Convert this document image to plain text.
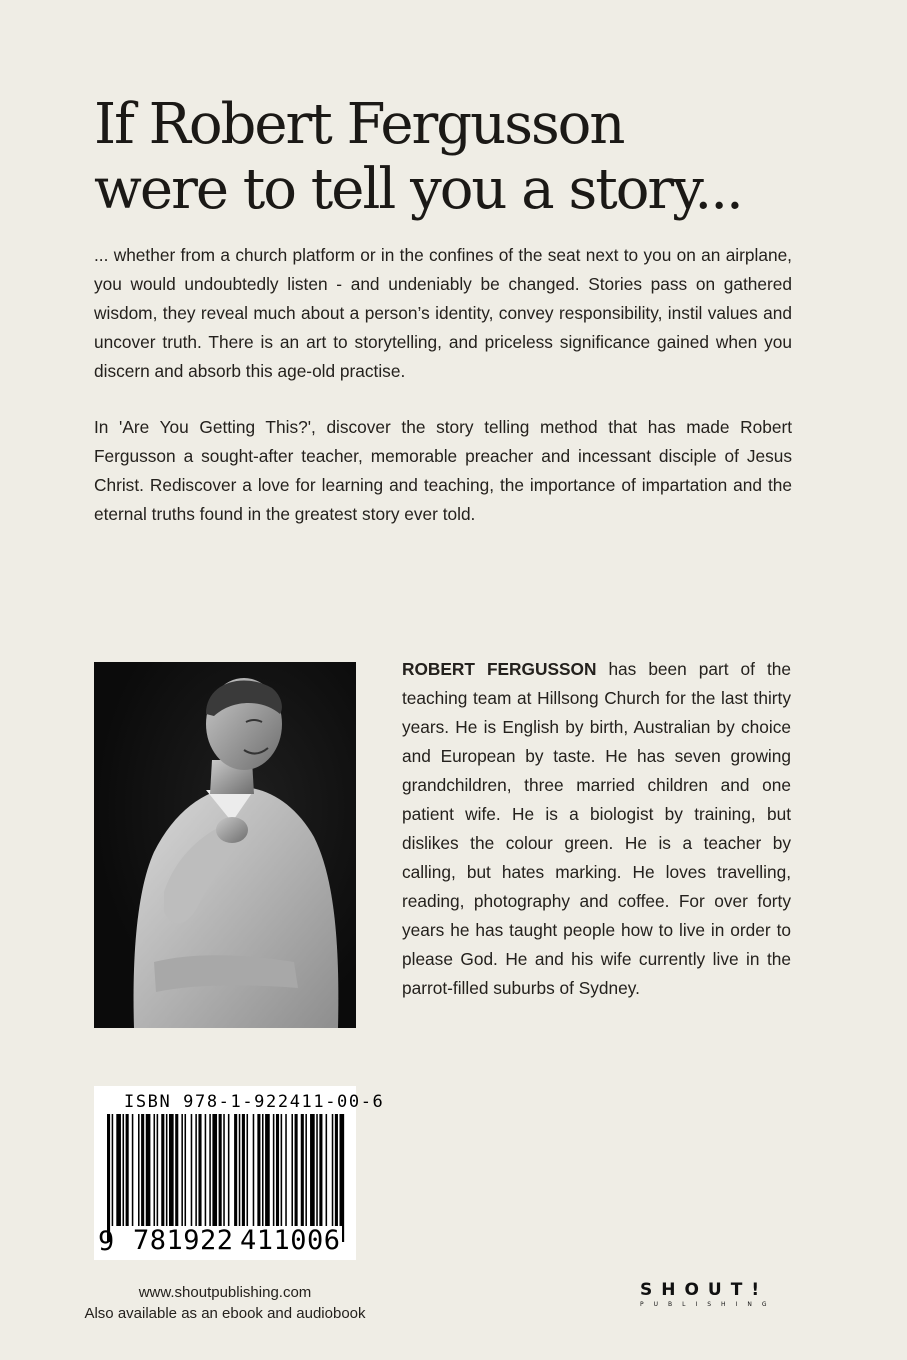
If Robert Fergusson
were to tell you a story...

... whether from a church platform or in the confines of the seat next to you on an airplane, you would undoubtedly listen - and undeniably be changed. Stories pass on gathered wisdom, they reveal much about a person’s identity, convey responsibility, instil values and uncover truth. There is an art to storytelling, and priceless significance gained when you discern and absorb this age-old practise.

In 'Are You Getting This?', discover the story telling method that has made Robert Fergusson a sought-after teacher, memorable preacher and incessant disciple of Jesus Christ. Rediscover a love for learning and teaching, the importance of impartation and the eternal truths found in the greatest story ever told.

ROBERT FERGUSSON has been part of the teaching team at Hillsong Church for the last thirty years. He is English by birth, Australian by choice and European by taste. He has seven growing grandchildren, three married children and one patient wife. He is a biologist by training, but dislikes the colour green. He is a teacher by calling, but hates marking. He loves travelling, reading, photography and coffee. For over forty years he has taught people how to live in order to please God. He and his wife currently live in the parrot-filled suburbs of Sydney.

ISBN 978-1-922411-00-6
9 781922 411006
www.shoutpublishing.com
Also available as an ebook and audiobook
SHOUT!
PUBLISHING
